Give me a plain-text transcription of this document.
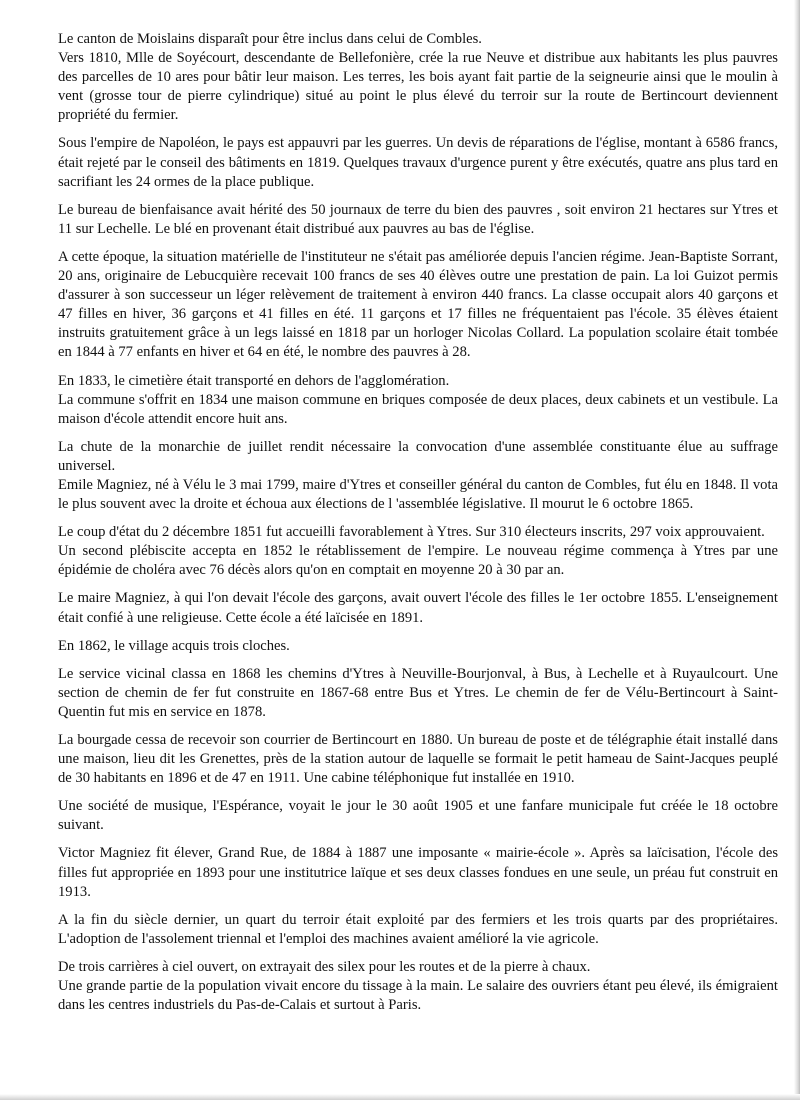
Le canton de Moislains disparaît pour être inclus dans celui de Combles.
Vers 1810, Mlle de Soyécourt, descendante de Bellefonière, crée la rue Neuve et distribue aux habitants les plus pauvres des parcelles de 10 ares pour bâtir leur maison. Les terres, les bois ayant fait partie de la seigneurie ainsi que le moulin à vent (grosse tour de pierre cylindrique) situé au point le plus élevé du terroir sur la route de Bertincourt deviennent propriété du fermier.

Sous l'empire de Napoléon, le pays est appauvri par les guerres. Un devis de réparations de l'église, montant à 6586 francs, était rejeté par le conseil des bâtiments en 1819. Quelques travaux d'urgence purent y être exécutés, quatre ans plus tard en sacrifiant les 24 ormes de la place publique.

Le bureau de bienfaisance avait hérité des 50 journaux de terre du bien des pauvres , soit environ 21 hectares sur Ytres et 11 sur Lechelle. Le blé en provenant était distribué aux pauvres au bas de l'église.

A cette époque, la situation matérielle de l'instituteur ne s'était pas améliorée depuis l'ancien régime. Jean-Baptiste Sorrant, 20 ans, originaire de Lebucquière recevait 100 francs de ses 40 élèves outre une prestation de pain. La loi Guizot permis d'assurer à son successeur un léger relèvement de traitement à environ 440 francs. La classe occupait alors 40 garçons et 47 filles en hiver, 36 garçons et 41 filles en été. 11 garçons et 17 filles ne fréquentaient pas l'école. 35 élèves étaient instruits gratuitement grâce à un legs laissé en 1818 par un horloger Nicolas Collard. La population scolaire était tombée en 1844 à 77 enfants en hiver et 64 en été, le nombre des pauvres à 28.

En 1833, le cimetière était transporté en dehors de l'agglomération.
La commune s'offrit en 1834 une maison commune en briques composée de deux places, deux cabinets et un vestibule. La maison d'école attendit encore huit ans.

La chute de la monarchie de juillet rendit nécessaire la convocation d'une assemblée constituante élue au suffrage universel.
Emile Magniez, né à Vélu le 3 mai 1799, maire d'Ytres et conseiller général du canton de Combles, fut élu en 1848. Il vota le plus souvent avec la droite et échoua aux élections de l 'assemblée législative. Il mourut le 6 octobre 1865.

Le coup d'état du 2 décembre 1851 fut accueilli favorablement à Ytres. Sur 310 électeurs inscrits, 297 voix approuvaient.
Un second plébiscite accepta en 1852 le rétablissement de l'empire. Le nouveau régime commença à Ytres par une épidémie de choléra avec 76 décès alors qu'on en comptait en moyenne 20 à 30 par an.

Le maire Magniez, à qui l'on devait l'école des garçons, avait ouvert l'école des filles le 1er octobre 1855. L'enseignement était confié à une religieuse. Cette école a été laïcisée en 1891.

En 1862, le village acquis trois cloches.

Le service vicinal classa en 1868 les chemins d'Ytres à Neuville-Bourjonval, à Bus, à Lechelle et à Ruyaulcourt. Une section de chemin de fer fut construite en 1867-68 entre Bus et Ytres. Le chemin de fer de Vélu-Bertincourt à Saint-Quentin fut mis en service en 1878.

La bourgade cessa de recevoir son courrier de Bertincourt en 1880. Un bureau de poste et de télégraphie était installé dans une maison, lieu dit les Grenettes, près de la station autour de laquelle se formait le petit hameau de Saint-Jacques peuplé de 30 habitants en 1896 et de 47 en 1911. Une cabine téléphonique fut installée en 1910.

Une société de musique, l'Espérance, voyait le jour le 30 août 1905 et une fanfare municipale fut créée le 18 octobre suivant.

Victor Magniez fit élever, Grand Rue, de 1884 à 1887 une imposante « mairie-école ». Après sa laïcisation, l'école des filles fut appropriée en 1893 pour une institutrice laïque et ses deux classes fondues en une seule, un préau fut construit en 1913.

A la fin du siècle dernier, un quart du terroir était exploité par des fermiers et les trois quarts par des propriétaires. L'adoption de l'assolement triennal et l'emploi des machines avaient amélioré la vie agricole.

De trois carrières à ciel ouvert, on extrayait des silex pour les routes et de la pierre à chaux.
Une grande partie de la population vivait encore du tissage à la main. Le salaire des ouvriers étant peu élevé, ils émigraient dans les centres industriels du Pas-de-Calais et surtout à Paris.
